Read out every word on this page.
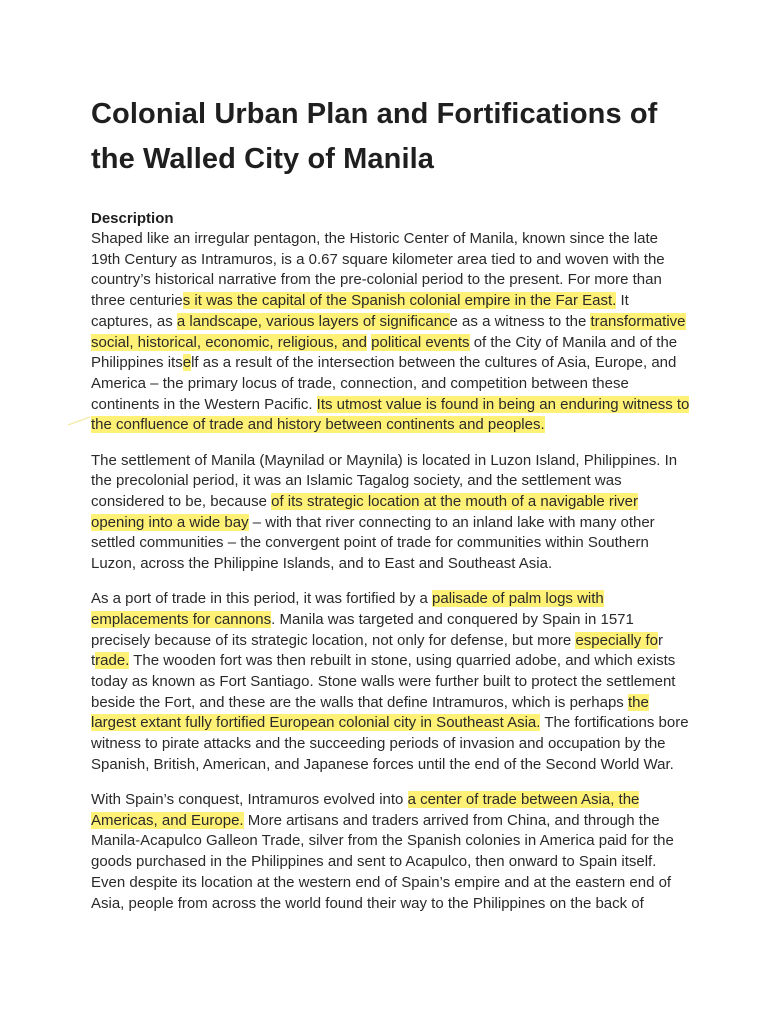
Colonial Urban Plan and Fortifications of the Walled City of Manila
Description

Shaped like an irregular pentagon, the Historic Center of Manila, known since the late 19th Century as Intramuros, is a 0.67 square kilometer area tied to and woven with the country’s historical narrative from the pre-colonial period to the present. For more than three centuries it was the capital of the Spanish colonial empire in the Far East. It captures, as a landscape, various layers of significance as a witness to the transformative social, historical, economic, religious, and political events of the City of Manila and of the Philippines itself as a result of the intersection between the cultures of Asia, Europe, and America – the primary locus of trade, connection, and competition between these continents in the Western Pacific. Its utmost value is found in being an enduring witness to the confluence of trade and history between continents and peoples.

The settlement of Manila (Maynilad or Maynila) is located in Luzon Island, Philippines. In the precolonial period, it was an Islamic Tagalog society, and the settlement was considered to be, because of its strategic location at the mouth of a navigable river opening into a wide bay – with that river connecting to an inland lake with many other settled communities – the convergent point of trade for communities within Southern Luzon, across the Philippine Islands, and to East and Southeast Asia.

As a port of trade in this period, it was fortified by a palisade of palm logs with emplacements for cannons. Manila was targeted and conquered by Spain in 1571 precisely because of its strategic location, not only for defense, but more especially for trade. The wooden fort was then rebuilt in stone, using quarried adobe, and which exists today as known as Fort Santiago. Stone walls were further built to protect the settlement beside the Fort, and these are the walls that define Intramuros, which is perhaps the largest extant fully fortified European colonial city in Southeast Asia. The fortifications bore witness to pirate attacks and the succeeding periods of invasion and occupation by the Spanish, British, American, and Japanese forces until the end of the Second World War.

With Spain’s conquest, Intramuros evolved into a center of trade between Asia, the Americas, and Europe. More artisans and traders arrived from China, and through the Manila-Acapulco Galleon Trade, silver from the Spanish colonies in America paid for the goods purchased in the Philippines and sent to Acapulco, then onward to Spain itself. Even despite its location at the western end of Spain’s empire and at the eastern end of Asia, people from across the world found their way to the Philippines on the back of
